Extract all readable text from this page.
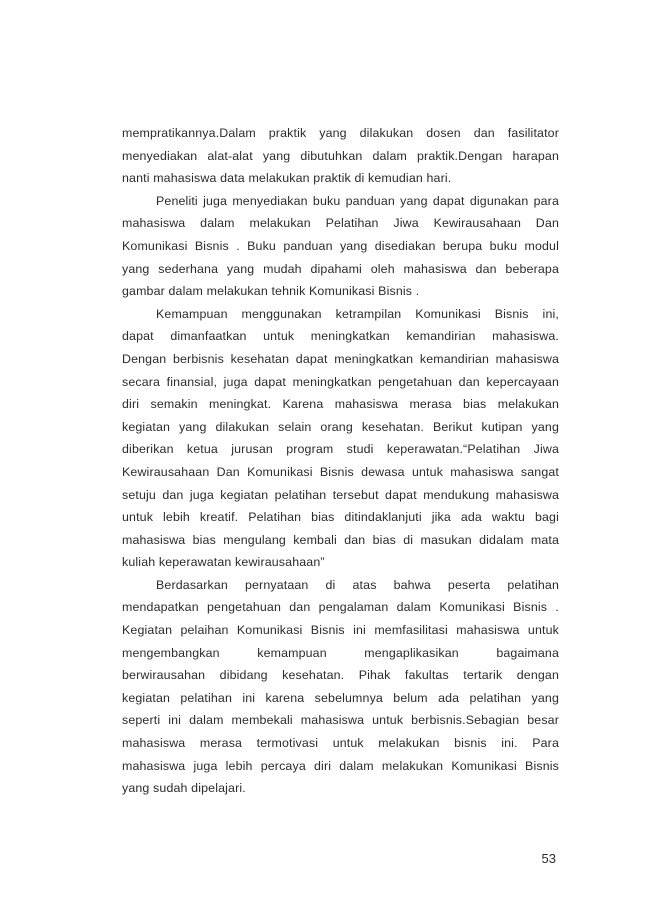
mempratikannya.Dalam praktik yang dilakukan dosen dan fasilitator
menyediakan alat-alat yang dibutuhkan dalam praktik.Dengan harapan
nanti mahasiswa data melakukan praktik di kemudian hari.
Peneliti juga menyediakan buku panduan yang dapat digunakan para
mahasiswa dalam melakukan Pelatihan Jiwa Kewirausahaan Dan
Komunikasi Bisnis . Buku panduan yang disediakan berupa buku modul
yang sederhana yang mudah dipahami oleh mahasiswa dan beberapa
gambar dalam melakukan tehnik Komunikasi Bisnis .
Kemampuan menggunakan ketrampilan Komunikasi Bisnis ini,
dapat dimanfaatkan untuk meningkatkan kemandirian mahasiswa.
Dengan berbisnis kesehatan dapat meningkatkan kemandirian mahasiswa
secara finansial, juga dapat meningkatkan pengetahuan dan kepercayaan
diri semakin meningkat. Karena mahasiswa merasa bias melakukan
kegiatan yang dilakukan selain orang kesehatan. Berikut kutipan yang
diberikan ketua jurusan program studi keperawatan.“Pelatihan Jiwa
Kewirausahaan Dan Komunikasi Bisnis dewasa untuk mahasiswa sangat
setuju dan juga kegiatan pelatihan tersebut dapat mendukung mahasiswa
untuk lebih kreatif. Pelatihan bias ditindaklanjuti jika ada waktu bagi
mahasiswa bias mengulang kembali dan bias di masukan didalam mata
kuliah keperawatan kewirausahaan”
Berdasarkan pernyataan di atas bahwa peserta pelatihan
mendapatkan pengetahuan dan pengalaman dalam Komunikasi Bisnis .
Kegiatan pelaihan Komunikasi Bisnis ini memfasilitasi mahasiswa untuk
mengembangkan kemampuan mengaplikasikan bagaimana
berwirausahan dibidang kesehatan. Pihak fakultas tertarik dengan
kegiatan pelatihan ini karena sebelumnya belum ada pelatihan yang
seperti ini dalam membekali mahasiswa untuk berbisnis.Sebagian besar
mahasiswa merasa termotivasi untuk melakukan bisnis ini. Para
mahasiswa juga lebih percaya diri dalam melakukan Komunikasi Bisnis
yang sudah dipelajari.
53
